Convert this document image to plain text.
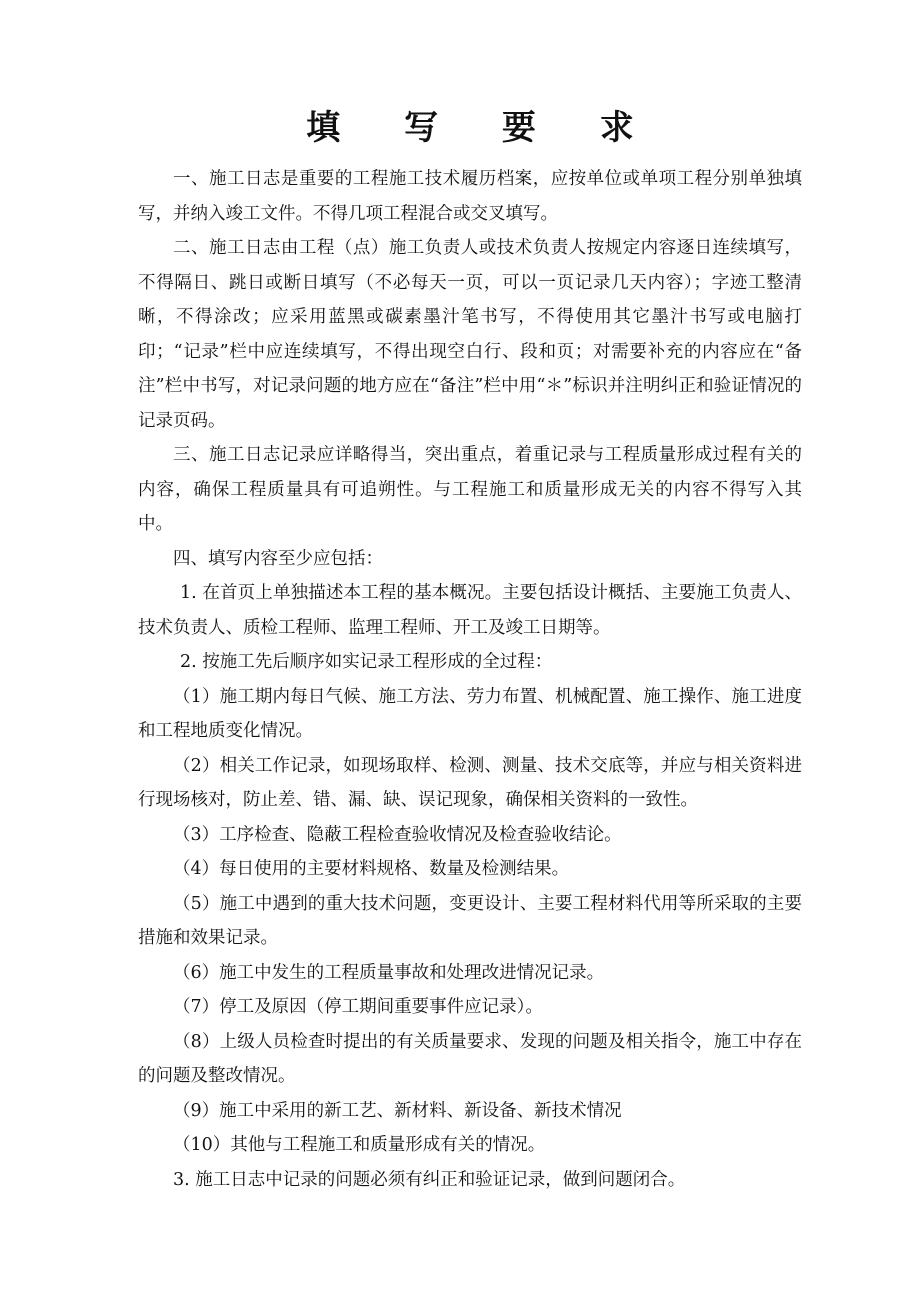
填 写 要 求

一、施工日志是重要的工程施工技术履历档案，应按单位或单项工程分别单独填写，并纳入竣工文件。不得几项工程混合或交叉填写。

二、施工日志由工程（点）施工负责人或技术负责人按规定内容逐日连续填写，不得隔日、跳日或断日填写（不必每天一页，可以一页记录几天内容）；字迹工整清晰，不得涂改；应采用蓝黑或碳素墨汁笔书写，不得使用其它墨汁书写或电脑打印；“记录”栏中应连续填写，不得出现空白行、段和页；对需要补充的内容应在“备注”栏中书写，对记录问题的地方应在“备注”栏中用“＊”标识并注明纠正和验证情况的记录页码。

三、施工日志记录应详略得当，突出重点，着重记录与工程质量形成过程有关的内容，确保工程质量具有可追朔性。与工程施工和质量形成无关的内容不得写入其中。

四、填写内容至少应包括：

1. 在首页上单独描述本工程的基本概况。主要包括设计概括、主要施工负责人、技术负责人、质检工程师、监理工程师、开工及竣工日期等。

2. 按施工先后顺序如实记录工程形成的全过程：

（1）施工期内每日气候、施工方法、劳力布置、机械配置、施工操作、施工进度和工程地质变化情况。

（2）相关工作记录，如现场取样、检测、测量、技术交底等，并应与相关资料进行现场核对，防止差、错、漏、缺、误记现象，确保相关资料的一致性。

（3）工序检查、隐蔽工程检查验收情况及检查验收结论。

（4）每日使用的主要材料规格、数量及检测结果。

（5）施工中遇到的重大技术问题，变更设计、主要工程材料代用等所采取的主要措施和效果记录。

（6）施工中发生的工程质量事故和处理改进情况记录。

（7）停工及原因（停工期间重要事件应记录）。

（8）上级人员检查时提出的有关质量要求、发现的问题及相关指令，施工中存在的问题及整改情况。

（9）施工中采用的新工艺、新材料、新设备、新技术情况

（10）其他与工程施工和质量形成有关的情况。

3. 施工日志中记录的问题必须有纠正和验证记录，做到问题闭合。
